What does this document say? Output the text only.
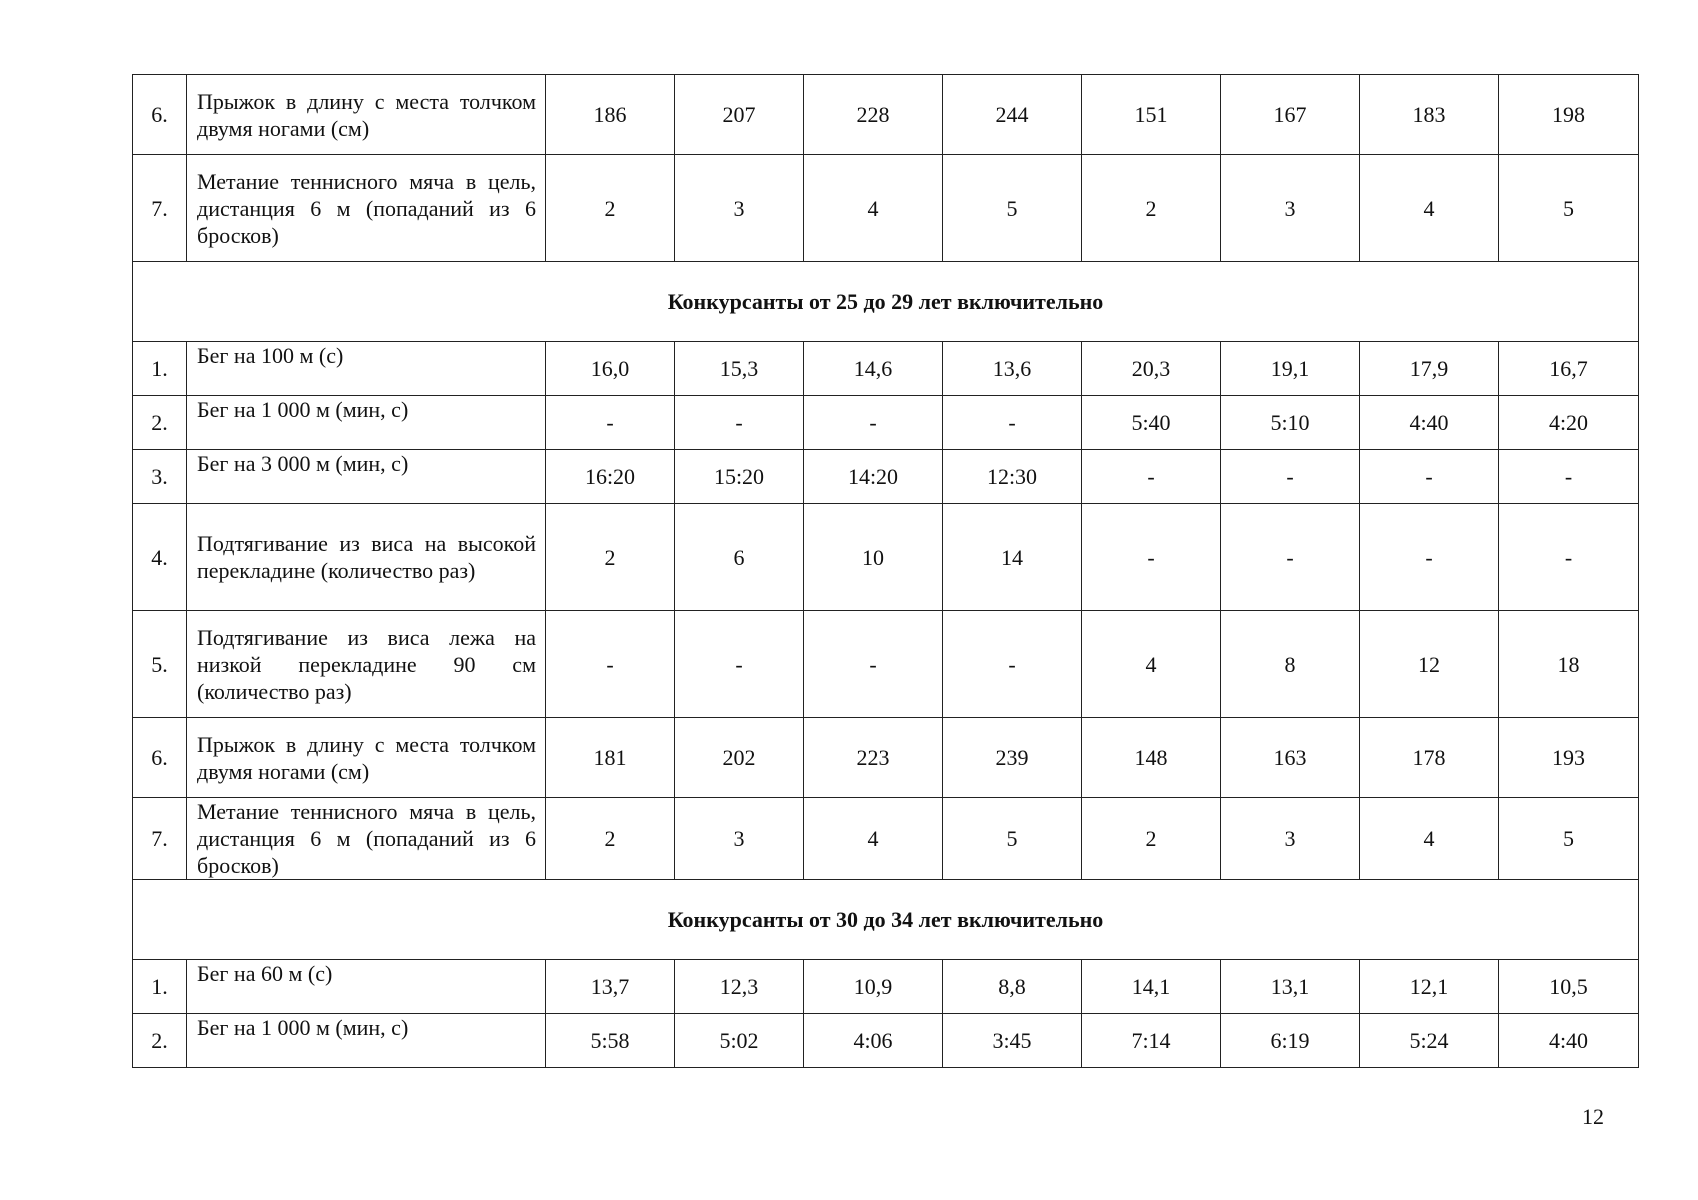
6.	Прыжок в длину с места толчком двумя ногами (см)	186	207	228	244	151	167	183	198
7.	Метание теннисного мяча в цель, дистанция 6 м (попаданий из 6 бросков)	2	3	4	5	2	3	4	5
Конкурсанты от 25 до 29 лет включительно									
1.	Бег на 100 м (с)	16,0	15,3	14,6	13,6	20,3	19,1	17,9	16,7
2.	Бег на 1 000 м (мин, с)	-	-	-	-	5:40	5:10	4:40	4:20
3.	Бег на 3 000 м (мин, с)	16:20	15:20	14:20	12:30	-	-	-	-
4.	Подтягивание из виса на высокой перекладине (количество раз)	2	6	10	14	-	-	-	-
5.	Подтягивание из виса лежа на низкой перекладине 90 см (количество раз)	-	-	-	-	4	8	12	18
6.	Прыжок в длину с места толчком двумя ногами (см)	181	202	223	239	148	163	178	193
7.	Метание теннисного мяча в цель, дистанция 6 м (попаданий из 6 бросков)	2	3	4	5	2	3	4	5
Конкурсанты от 30 до 34 лет включительно									
1.	Бег на 60 м (с)	13,7	12,3	10,9	8,8	14,1	13,1	12,1	10,5
2.	Бег на 1 000 м (мин, с)	5:58	5:02	4:06	3:45	7:14	6:19	5:24	4:40
12
